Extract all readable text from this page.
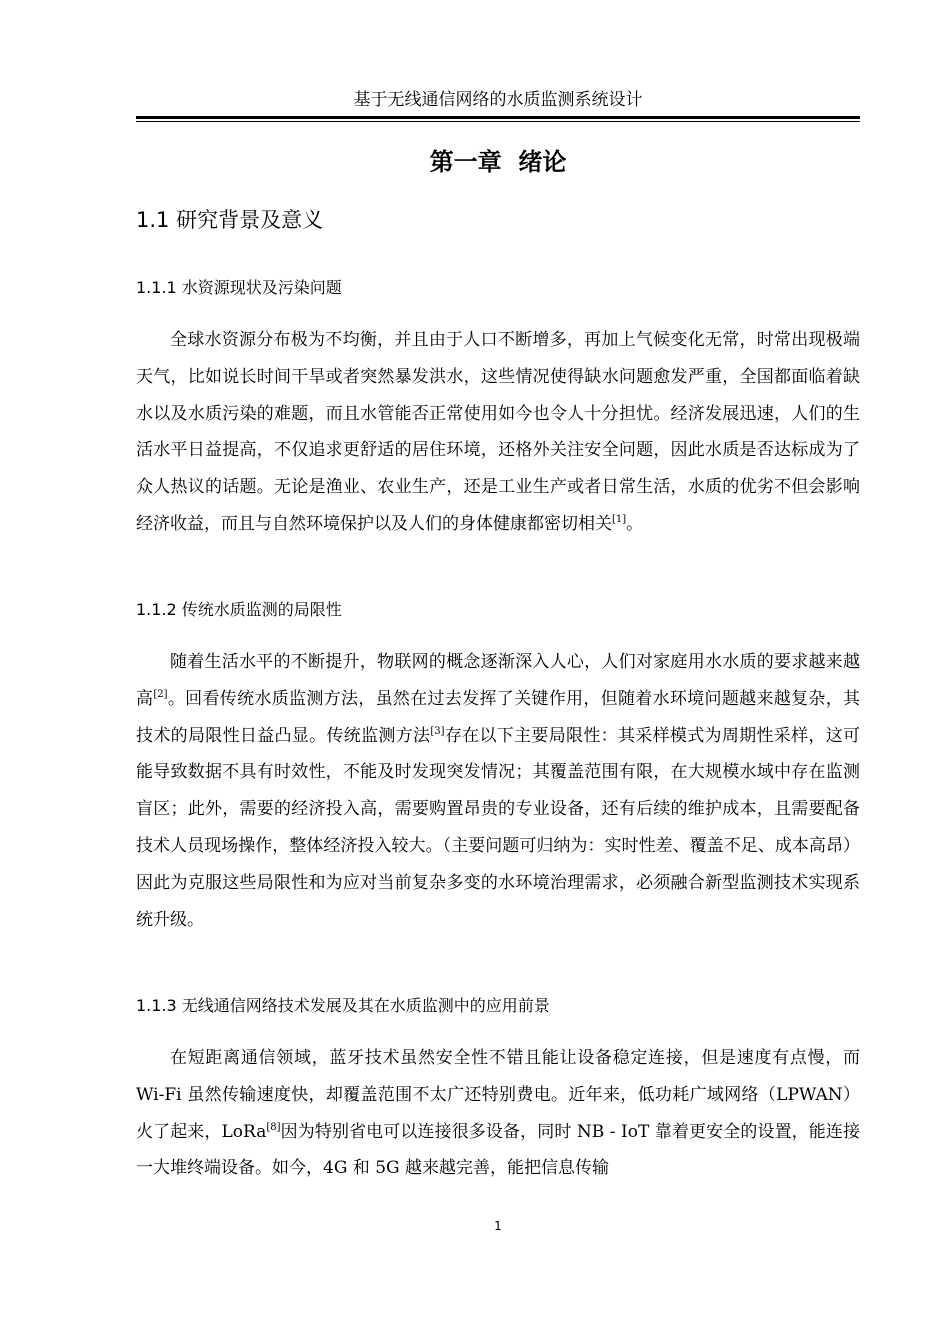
基于无线通信网络的水质监测系统设计
第一章  绪论
1.1 研究背景及意义
1.1.1 水资源现状及污染问题

全球水资源分布极为不均衡，并且由于人口不断增多，再加上气候变化无常，时常出现极端天气，比如说长时间干旱或者突然暴发洪水，这些情况使得缺水问题愈发严重，全国都面临着缺水以及水质污染的难题，而且水管能否正常使用如今也令人十分担忧。经济发展迅速，人们的生活水平日益提高，不仅追求更舒适的居住环境，还格外关注安全问题，因此水质是否达标成为了众人热议的话题。无论是渔业、农业生产，还是工业生产或者日常生活，水质的优劣不但会影响经济收益，而且与自然环境保护以及人们的身体健康都密切相关[1]。

1.1.2 传统水质监测的局限性

随着生活水平的不断提升，物联网的概念逐渐深入人心，人们对家庭用水水质的要求越来越高[2]。回看传统水质监测方法，虽然在过去发挥了关键作用，但随着水环境问题越来越复杂，其技术的局限性日益凸显。传统监测方法[3]存在以下主要局限性：其采样模式为周期性采样，这可能导致数据不具有时效性，不能及时发现突发情况；其覆盖范围有限，在大规模水域中存在监测盲区；此外，需要的经济投入高，需要购置昂贵的专业设备，还有后续的维护成本，且需要配备技术人员现场操作，整体经济投入较大。（主要问题可归纳为：实时性差、覆盖不足、成本高昂）因此为克服这些局限性和为应对当前复杂多变的水环境治理需求，必须融合新型监测技术实现系统升级。

1.1.3 无线通信网络技术发展及其在水质监测中的应用前景

在短距离通信领域，蓝牙技术虽然安全性不错且能让设备稳定连接，但是速度有点慢，而 Wi-Fi 虽然传输速度快，却覆盖范围不太广还特别费电。近年来，低功耗广域网络（LPWAN）火了起来，LoRa[8]因为特别省电可以连接很多设备，同时 NB - IoT 靠着更安全的设置，能连接一大堆终端设备。如今，4G 和 5G 越来越完善，能把信息传输

1
